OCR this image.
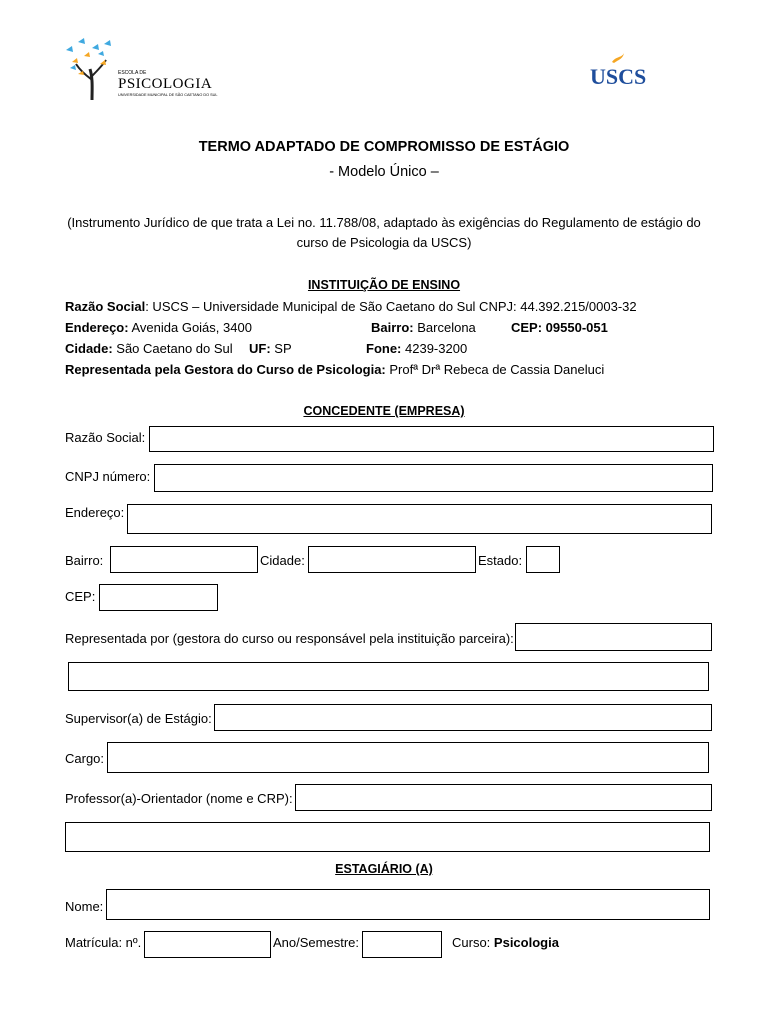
ESCOLA DE
PSICOLOGIA
UNIVERSIDADE MUNICIPAL DE SÃO CAETANO DO SUL
USCS
TERMO ADAPTADO DE COMPROMISSO DE ESTÁGIO
- Modelo Único –
(Instrumento Jurídico de que trata a Lei no. 11.788/08, adaptado às exigências do Regulamento de estágio do
curso de Psicologia da USCS)
INSTITUIÇÃO DE ENSINO
Razão Social: USCS – Universidade Municipal de São Caetano do Sul CNPJ: 44.392.215/0003-32
Endereço: Avenida Goiás, 3400	Bairro: Barcelona	CEP: 09550-051
Cidade: São Caetano do Sul UF: SP	Fone: 4239-3200
Representada pela Gestora do Curso de Psicologia: Profª Drª Rebeca de Cassia Daneluci
CONCEDENTE (EMPRESA)
Razão Social:
CNPJ número:
Endereço:
Bairro:	Cidade:	Estado:
CEP:
Representada por (gestora do curso ou responsável pela instituição parceira):
Supervisor(a) de Estágio:
Cargo:
Professor(a)-Orientador (nome e CRP):
ESTAGIÁRIO (A)
Nome:
Matrícula: nº.	Ano/Semestre:	Curso: Psicologia
